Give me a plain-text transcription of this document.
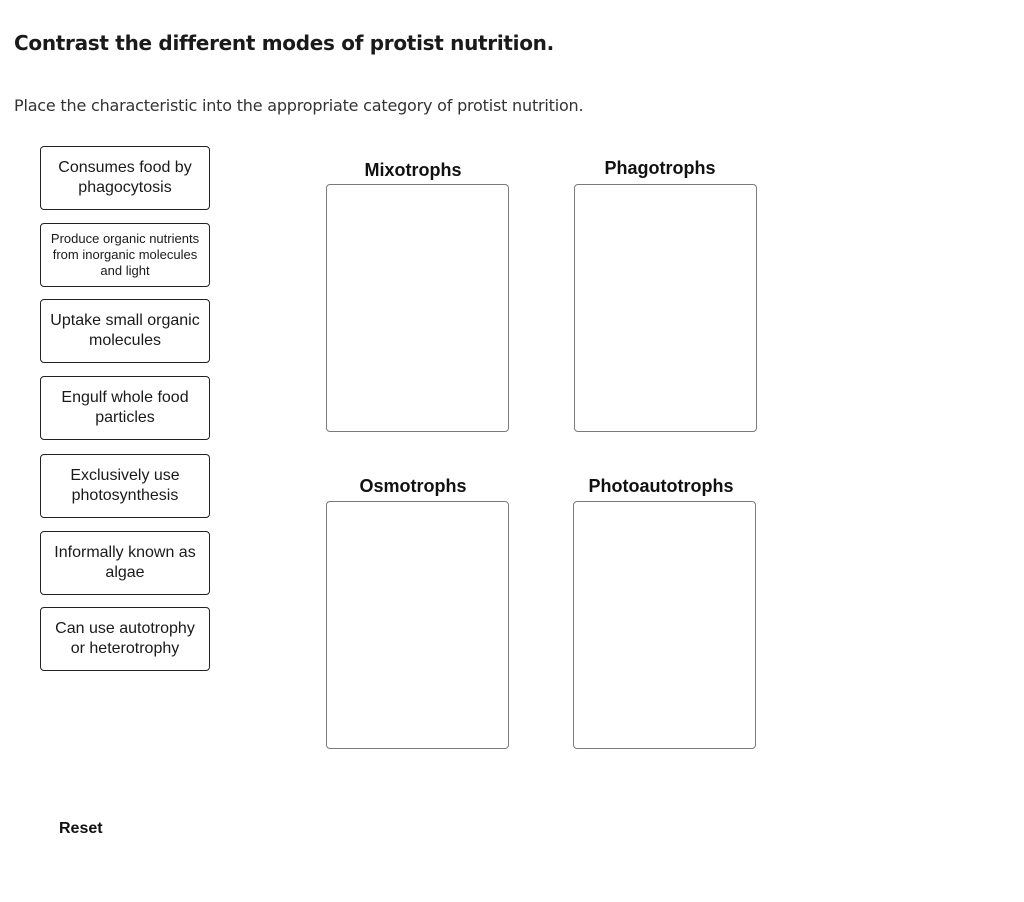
Contrast the different modes of protist nutrition.
Place the characteristic into the appropriate category of protist nutrition.
Consumes food by phagocytosis
Produce organic nutrients from inorganic molecules and light
Uptake small organic molecules
Engulf whole food particles
Exclusively use photosynthesis
Informally known as algae
Can use autotrophy or heterotrophy
Mixotrophs	Phagotrophs
Osmotrophs	Photoautotrophs
Reset
